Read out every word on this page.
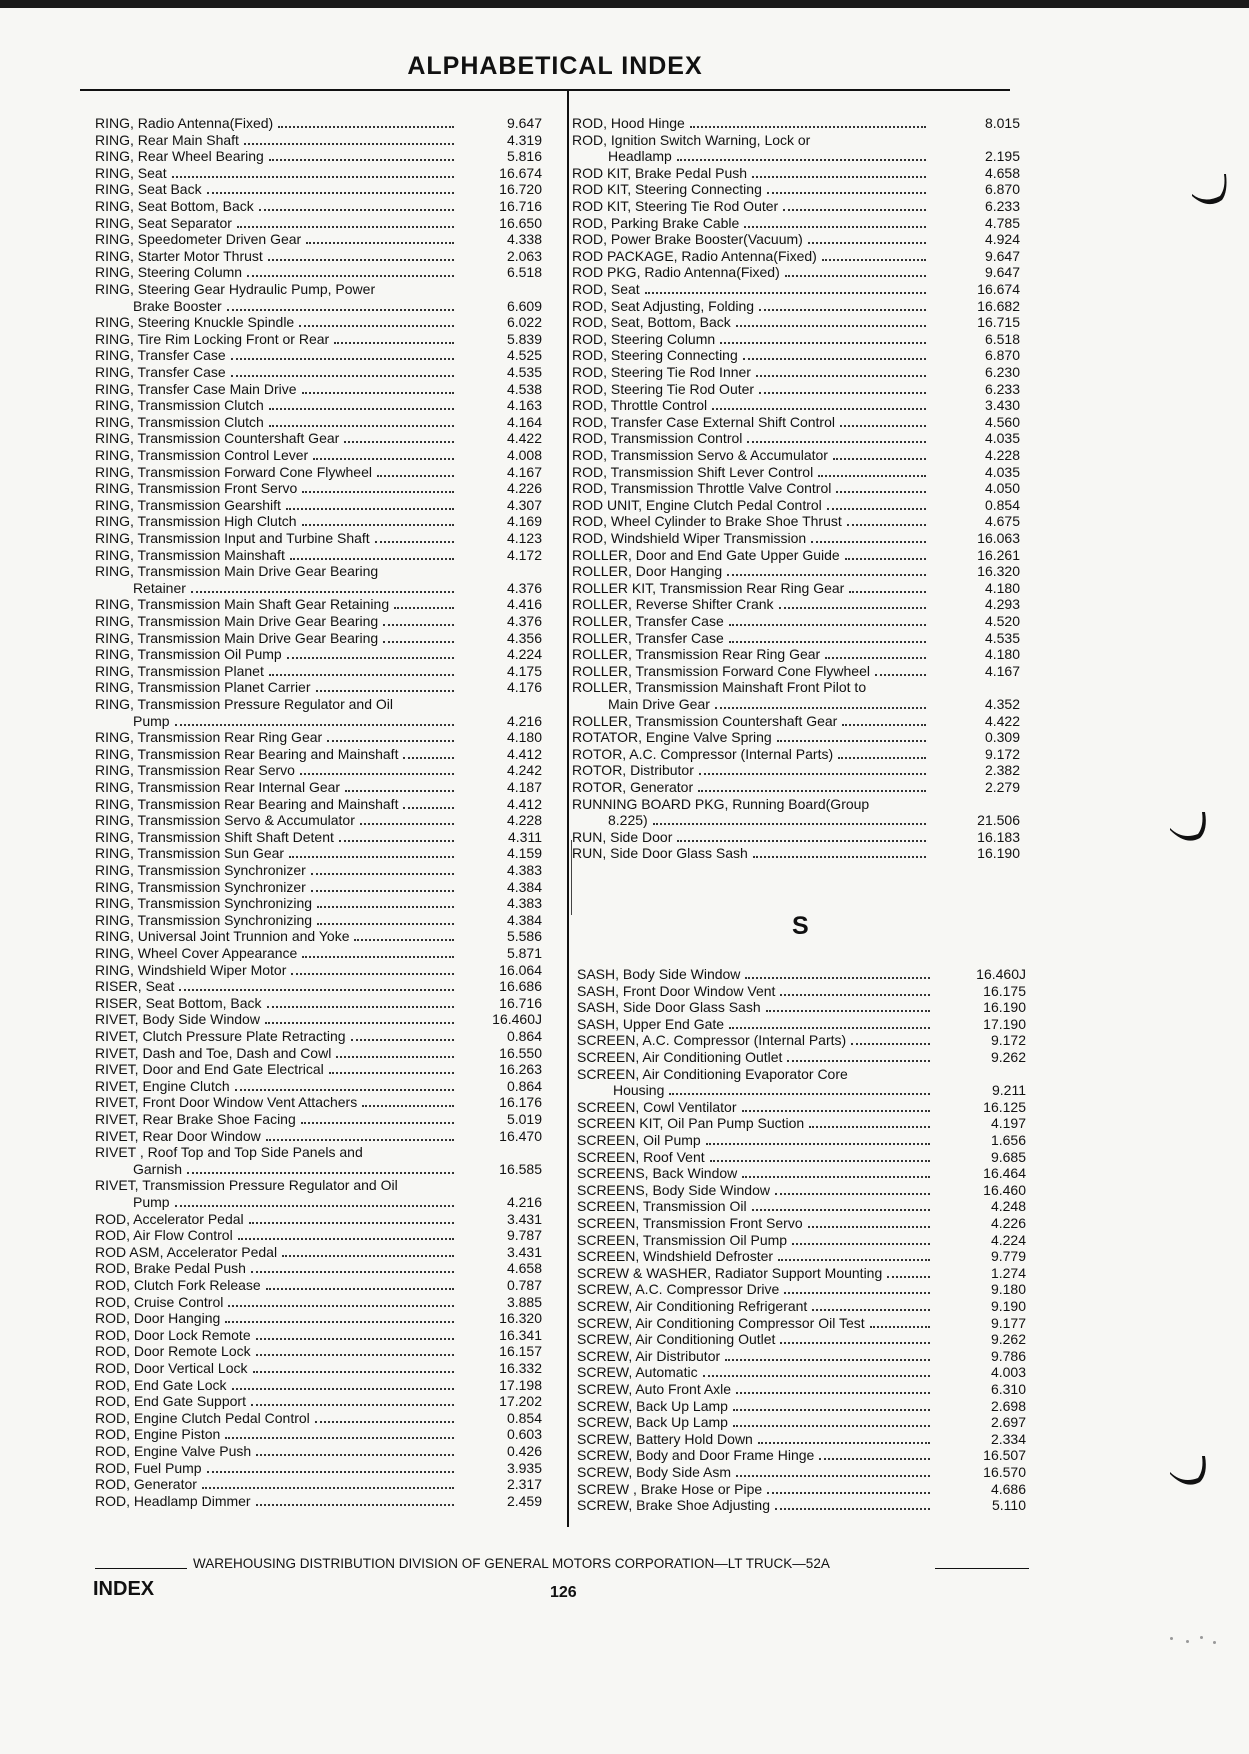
ALPHABETICAL INDEX
RING, Radio Antenna(Fixed)	9.647
RING, Rear Main Shaft	4.319
RING, Rear Wheel Bearing	5.816
RING, Seat	16.674
RING, Seat Back	16.720
RING, Seat Bottom, Back	16.716
RING, Seat Separator	16.650
RING, Speedometer Driven Gear	4.338
RING, Starter Motor Thrust	2.063
RING, Steering Column	6.518
RING, Steering Gear Hydraulic Pump, Power
Brake Booster	6.609
RING, Steering Knuckle Spindle	6.022
RING, Tire Rim Locking Front or Rear	5.839
RING, Transfer Case	4.525
RING, Transfer Case	4.535
RING, Transfer Case Main Drive	4.538
RING, Transmission Clutch	4.163
RING, Transmission Clutch	4.164
RING, Transmission Countershaft Gear	4.422
RING, Transmission Control Lever	4.008
RING, Transmission Forward Cone Flywheel	4.167
RING, Transmission Front Servo	4.226
RING, Transmission Gearshift	4.307
RING, Transmission High Clutch	4.169
RING, Transmission Input and Turbine Shaft	4.123
RING, Transmission Mainshaft	4.172
RING, Transmission Main Drive Gear Bearing
Retainer	4.376
RING, Transmission Main Shaft Gear Retaining	4.416
RING, Transmission Main Drive Gear Bearing	4.376
RING, Transmission Main Drive Gear Bearing	4.356
RING, Transmission Oil Pump	4.224
RING, Transmission Planet	4.175
RING, Transmission Planet Carrier	4.176
RING, Transmission Pressure Regulator and Oil
Pump	4.216
RING, Transmission Rear Ring Gear	4.180
RING, Transmission Rear Bearing and Mainshaft	4.412
RING, Transmission Rear Servo	4.242
RING, Transmission Rear Internal Gear	4.187
RING, Transmission Rear Bearing and Mainshaft	4.412
RING, Transmission Servo & Accumulator	4.228
RING, Transmission Shift Shaft Detent	4.311
RING, Transmission Sun Gear	4.159
RING, Transmission Synchronizer	4.383
RING, Transmission Synchronizer	4.384
RING, Transmission Synchronizing	4.383
RING, Transmission Synchronizing	4.384
RING, Universal Joint Trunnion and Yoke	5.586
RING, Wheel Cover Appearance	5.871
RING, Windshield Wiper Motor	16.064
RISER, Seat	16.686
RISER, Seat Bottom, Back	16.716
RIVET, Body Side Window	16.460J
RIVET, Clutch Pressure Plate Retracting	0.864
RIVET, Dash and Toe, Dash and Cowl	16.550
RIVET, Door and End Gate Electrical	16.263
RIVET, Engine Clutch	0.864
RIVET, Front Door Window Vent Attachers	16.176
RIVET, Rear Brake Shoe Facing	5.019
RIVET, Rear Door Window	16.470
RIVET , Roof Top and Top Side Panels and
Garnish	16.585
RIVET, Transmission Pressure Regulator and Oil
Pump	4.216
ROD, Accelerator Pedal	3.431
ROD, Air Flow Control	9.787
ROD ASM, Accelerator Pedal	3.431
ROD, Brake Pedal Push	4.658
ROD, Clutch Fork Release	0.787
ROD, Cruise Control	3.885
ROD, Door Hanging	16.320
ROD, Door Lock Remote	16.341
ROD, Door Remote Lock	16.157
ROD, Door Vertical Lock	16.332
ROD, End Gate Lock	17.198
ROD, End Gate Support	17.202
ROD, Engine Clutch Pedal Control	0.854
ROD, Engine Piston	0.603
ROD, Engine Valve Push	0.426
ROD, Fuel Pump	3.935
ROD, Generator	2.317
ROD, Headlamp Dimmer	2.459
ROD, Hood Hinge	8.015
ROD, Ignition Switch Warning, Lock or
Headlamp	2.195
ROD KIT, Brake Pedal Push	4.658
ROD KIT, Steering Connecting	6.870
ROD KIT, Steering Tie Rod Outer	6.233
ROD, Parking Brake Cable	4.785
ROD, Power Brake Booster(Vacuum)	4.924
ROD PACKAGE, Radio Antenna(Fixed)	9.647
ROD PKG, Radio Antenna(Fixed)	9.647
ROD, Seat	16.674
ROD, Seat Adjusting, Folding	16.682
ROD, Seat, Bottom, Back	16.715
ROD, Steering Column	6.518
ROD, Steering Connecting	6.870
ROD, Steering Tie Rod Inner	6.230
ROD, Steering Tie Rod Outer	6.233
ROD, Throttle Control	3.430
ROD, Transfer Case External Shift Control	4.560
ROD, Transmission Control	4.035
ROD, Transmission Servo & Accumulator	4.228
ROD, Transmission Shift Lever Control	4.035
ROD, Transmission Throttle Valve Control	4.050
ROD UNIT, Engine Clutch Pedal Control	0.854
ROD, Wheel Cylinder to Brake Shoe Thrust	4.675
ROD, Windshield Wiper Transmission	16.063
ROLLER, Door and End Gate Upper Guide	16.261
ROLLER, Door Hanging	16.320
ROLLER KIT, Transmission Rear Ring Gear	4.180
ROLLER, Reverse Shifter Crank	4.293
ROLLER, Transfer Case	4.520
ROLLER, Transfer Case	4.535
ROLLER, Transmission Rear Ring Gear	4.180
ROLLER, Transmission Forward Cone Flywheel	4.167
ROLLER, Transmission Mainshaft Front Pilot to
Main Drive Gear	4.352
ROLLER, Transmission Countershaft Gear	4.422
ROTATOR, Engine Valve Spring	0.309
ROTOR, A.C. Compressor (Internal Parts)	9.172
ROTOR, Distributor	2.382
ROTOR, Generator	2.279
RUNNING BOARD PKG, Running Board(Group
8.225)	21.506
RUN, Side Door	16.183
RUN, Side Door Glass Sash	16.190
S
SASH, Body Side Window	16.460J
SASH, Front Door Window Vent	16.175
SASH, Side Door Glass Sash	16.190
SASH, Upper End Gate	17.190
SCREEN, A.C. Compressor (Internal Parts)	9.172
SCREEN, Air Conditioning Outlet	9.262
SCREEN, Air Conditioning Evaporator Core
Housing	9.211
SCREEN, Cowl Ventilator	16.125
SCREEN KIT, Oil Pan Pump Suction	4.197
SCREEN, Oil Pump	1.656
SCREEN, Roof Vent	9.685
SCREENS, Back Window	16.464
SCREENS, Body Side Window	16.460
SCREEN, Transmission Oil	4.248
SCREEN, Transmission Front Servo	4.226
SCREEN, Transmission Oil Pump	4.224
SCREEN, Windshield Defroster	9.779
SCREW & WASHER, Radiator Support Mounting	1.274
SCREW, A.C. Compressor Drive	9.180
SCREW, Air Conditioning Refrigerant	9.190
SCREW, Air Conditioning Compressor Oil Test	9.177
SCREW, Air Conditioning Outlet	9.262
SCREW, Air Distributor	9.786
SCREW, Automatic	4.003
SCREW, Auto Front Axle	6.310
SCREW, Back Up Lamp	2.698
SCREW, Back Up Lamp	2.697
SCREW, Battery Hold Down	2.334
SCREW, Body and Door Frame Hinge	16.507
SCREW, Body Side Asm	16.570
SCREW , Brake Hose or Pipe	4.686
SCREW, Brake Shoe Adjusting	5.110
WAREHOUSING DISTRIBUTION DIVISION OF GENERAL MOTORS CORPORATION—LT TRUCK—52A
INDEX	126
